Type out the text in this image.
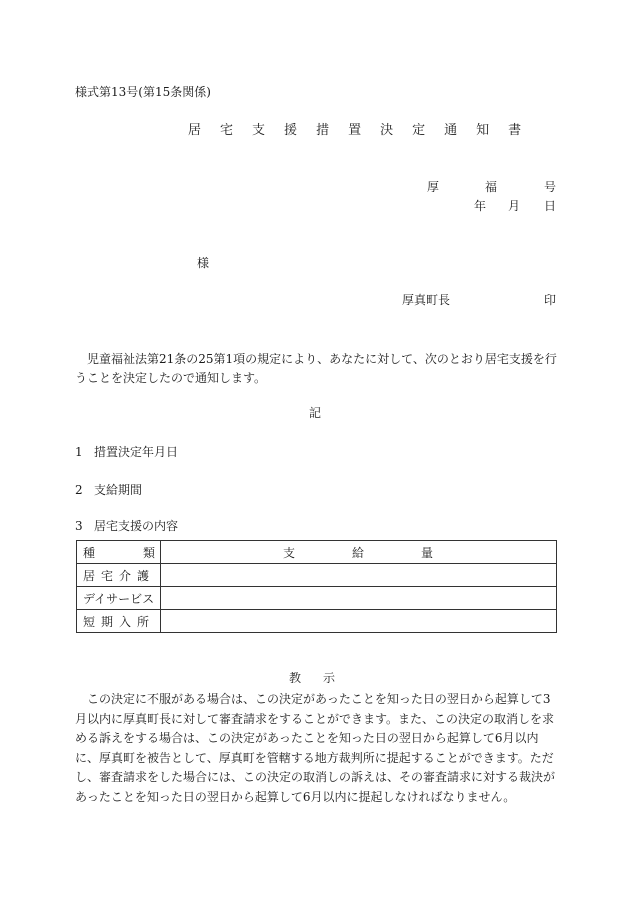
様式第13号(第15条関係)
居 宅 支 援 措 置 決 定 通 知 書
厚	福	号
年 月 日
様
厚真町長	印
児童福祉法第21条の25第1項の規定により、あなたに対して、次のとおり居宅支援を行うことを決定したので通知します。
記
1 措置決定年月日
2 支給期間
3 居宅支援の内容
種 類	支 給 量

居 宅 介 護	

デイサービス	

短 期 入 所	

教 示
この決定に不服がある場合は、この決定があったことを知った日の翌日から起算して3月以内に厚真町長に対して審査請求をすることができます。また、この決定の取消しを求める訴えをする場合は、この決定があったことを知った日の翌日から起算して6月以内に、厚真町を被告として、厚真町を管轄する地方裁判所に提起することができます。ただし、審査請求をした場合には、この決定の取消しの訴えは、その審査請求に対する裁決があったことを知った日の翌日から起算して6月以内に提起しなければなりません。
